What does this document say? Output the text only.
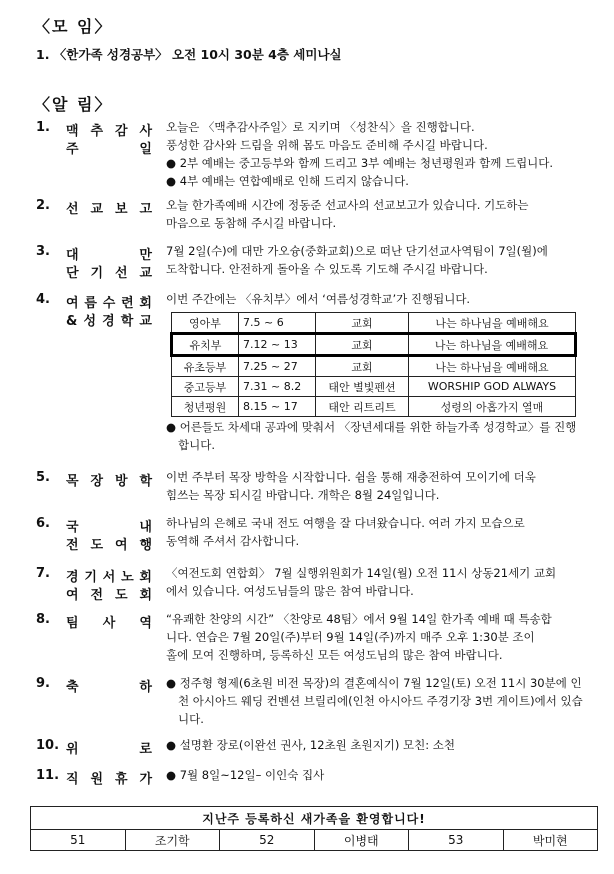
〈모 임〉
1. 〈한가족 성경공부〉 오전 10시 30분 4층 세미나실
〈알 림〉
1. 맥 추 감 사
주 일

오늘은 〈맥추감사주일〉로 지키며 〈성찬식〉을 진행합니다.

풍성한 감사와 드림을 위해 몸도 마음도 준비해 주시길 바랍니다.

● 2부 예배는 중고등부와 함께 드리고 3부 예배는 청년평원과 함께 드립니다.

● 4부 예배는 연합예배로 인해 드리지 않습니다.

2. 선 교 보 고 오늘 한가족예배 시간에 정동준 선교사의 선교보고가 있습니다. 기도하는

마음으로 동참해 주시길 바랍니다.

3. 대 만
단 기 선 교

7월 2일(수)에 대만 가오슝(중화교회)으로 떠난 단기선교사역팀이 7일(월)에

도착합니다. 안전하게 돌아올 수 있도록 기도해 주시길 바랍니다.

4. 여 름 수 련 회
& 성 경 학 교

이번 주간에는 〈유치부〉에서 ‘여름성경학교’가 진행됩니다.

영아부	7.5 ~ 6	교회	나는 하나님을 예배해요
유치부	7.12 ~ 13	교회	나는 하나님을 예배해요
유초등부	7.25 ~ 27	교회	나는 하나님을 예배해요
중고등부	7.31 ~ 8.2	태안 별빛펜션	WORSHIP GOD ALWAYS
청년평원	8.15 ~ 17	태안 리트리트	성령의 아홉가지 열매

● 어른들도 차세대 공과에 맞춰서 〈장년세대를 위한 하늘가족 성경학교〉를 진행합니다.

5. 목 장 방 학 이번 주부터 목장 방학을 시작합니다. 쉼을 통해 재충전하여 모이기에 더욱

힘쓰는 목장 되시길 바랍니다. 개학은 8월 24일입니다.

6. 국 내
전 도 여 행

하나님의 은혜로 국내 전도 여행을 잘 다녀왔습니다. 여러 가지 모습으로

동역해 주셔서 감사합니다.

7. 경 기 서 노 회
여 전 도 회

〈여전도회 연합회〉 7월 실행위원회가 14일(월) 오전 11시 상동21세기 교회

에서 있습니다. 여성도님들의 많은 참여 바랍니다.

8. 팀 사 역 “유쾌한 찬양의 시간” 〈찬양로 48팀〉에서 9월 14일 한가족 예배 때 특송합

니다. 연습은 7월 20일(주)부터 9월 14일(주)까지 매주 오후 1:30분 조이

홀에 모여 진행하며, 등록하신 모든 여성도님의 많은 참여 바랍니다.

9. 축 하 ● 정주형 형제(6초원 비전 목장)의 결혼예식이 7월 12일(토) 오전 11시 30분에 인천 아시아드 웨딩 컨벤션 브릴리에(인천 아시아드 주경기장 3번 게이트)에서 있습니다.

10. 위 로 ● 설명환 장로(이완선 권사, 12초원 초원지기) 모친: 소천

11. 직 원 휴 가 ● 7월 8일~12일– 이인숙 집사

지난주 등록하신 새가족을 환영합니다!
51	조기학	52	이병태	53	박미현
